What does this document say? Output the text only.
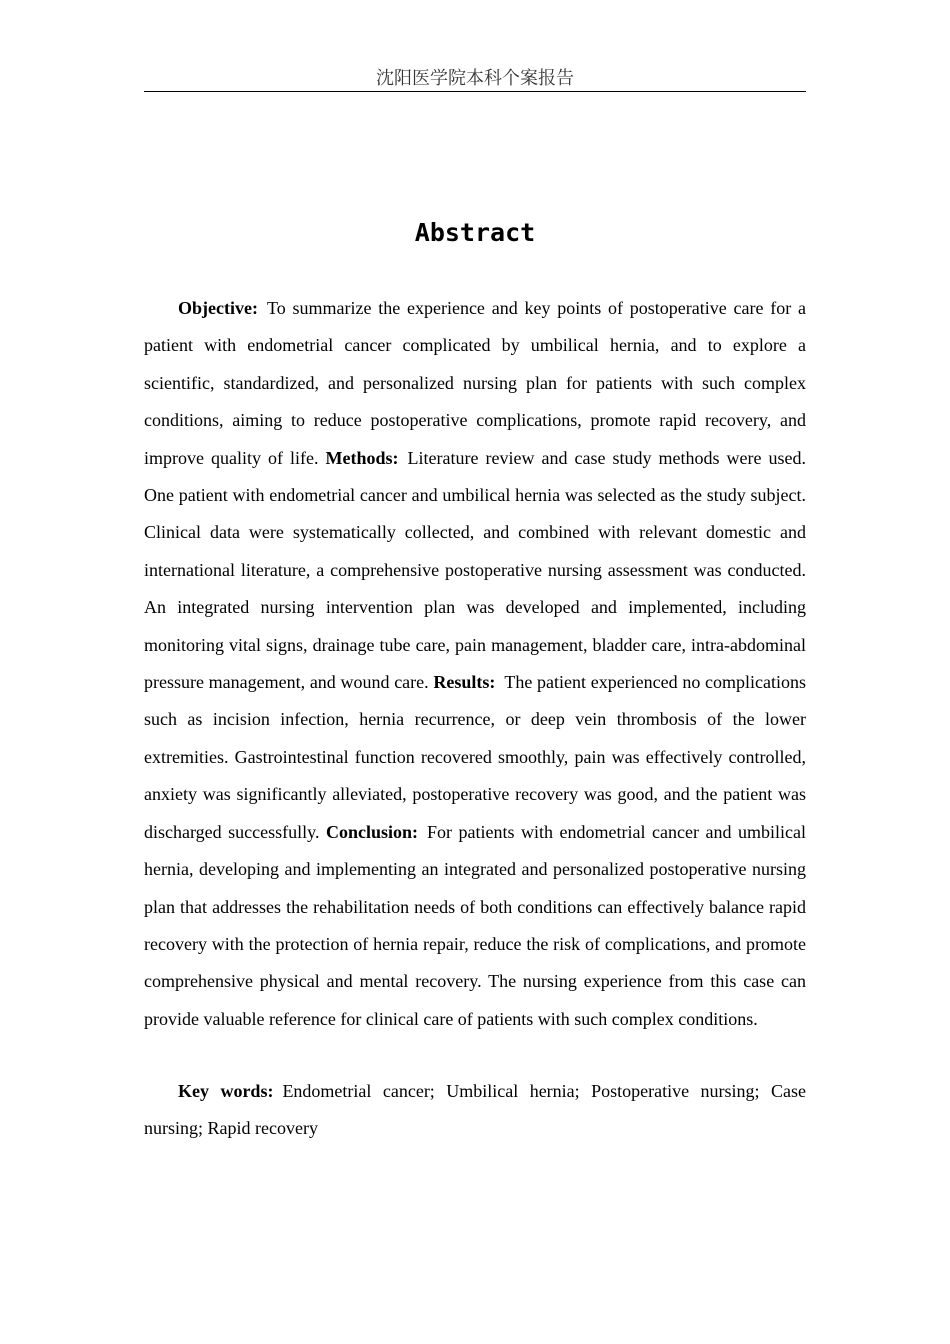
沈阳医学院本科个案报告
Abstract

Objective: To summarize the experience and key points of postoperative care for a patient with endometrial cancer complicated by umbilical hernia, and to explore a scientific, standardized, and personalized nursing plan for patients with such complex conditions, aiming to reduce postoperative complications, promote rapid recovery, and improve quality of life. Methods: Literature review and case study methods were used. One patient with endometrial cancer and umbilical hernia was selected as the study subject. Clinical data were systematically collected, and combined with relevant domestic and international literature, a comprehensive postoperative nursing assessment was conducted. An integrated nursing intervention plan was developed and implemented, including monitoring vital signs, drainage tube care, pain management, bladder care, intra-abdominal pressure management, and wound care. Results: The patient experienced no complications such as incision infection, hernia recurrence, or deep vein thrombosis of the lower extremities. Gastrointestinal function recovered smoothly, pain was effectively controlled, anxiety was significantly alleviated, postoperative recovery was good, and the patient was discharged successfully. Conclusion: For patients with endometrial cancer and umbilical hernia, developing and implementing an integrated and personalized postoperative nursing plan that addresses the rehabilitation needs of both conditions can effectively balance rapid recovery with the protection of hernia repair, reduce the risk of complications, and promote comprehensive physical and mental recovery. The nursing experience from this case can provide valuable reference for clinical care of patients with such complex conditions.

Key words: Endometrial cancer; Umbilical hernia; Postoperative nursing; Case nursing; Rapid recovery
